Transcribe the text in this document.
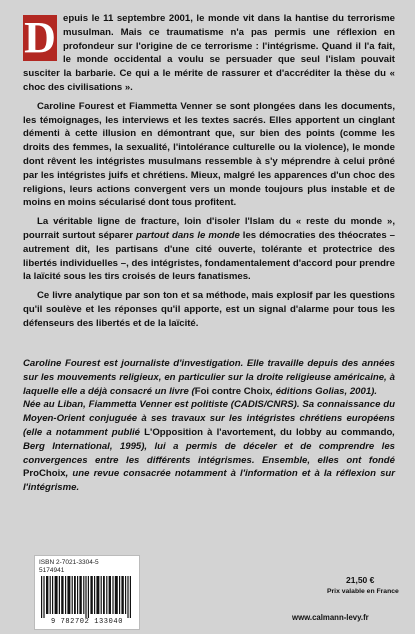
D epuis le 11 septembre 2001, le monde vit dans la hantise du terrorisme musulman. Mais ce traumatisme n'a pas permis une réflexion en profondeur sur l'origine de ce terrorisme : l'intégrisme. Quand il l'a fait, le monde occidental a voulu se persuader que seul l'islam pouvait susciter la barbarie. Ce qui a le mérite de rassurer et d'accréditer la thèse du « choc des civilisations ».

Caroline Fourest et Fiammetta Venner se sont plongées dans les documents, les témoignages, les interviews et les textes sacrés. Elles apportent un cinglant démenti à cette illusion en démontrant que, sur bien des points (comme les droits des femmes, la sexualité, l'intolérance culturelle ou la violence), le monde dont rêvent les intégristes musulmans ressemble à s'y méprendre à celui prôné par les intégristes juifs et chrétiens. Mieux, malgré les apparences d'un choc des religions, leurs actions convergent vers un monde toujours plus instable et de moins en moins sécularisé dont tous profitent.

La véritable ligne de fracture, loin d'isoler l'Islam du « reste du monde », pourrait surtout séparer partout dans le monde les démocraties des théocrates – autrement dit, les partisans d'une cité ouverte, tolérante et protectrice des libertés individuelles –, des intégristes, fondamentalement d'accord pour prendre la laïcité sous les tirs croisés de leurs fanatismes.

Ce livre analytique par son ton et sa méthode, mais explosif par les questions qu'il soulève et les réponses qu'il apporte, est un signal d'alarme pour tous les défenseurs des libertés et de la laïcité.

Caroline Fourest est journaliste d'investigation. Elle travaille depuis des années sur les mouvements religieux, en particulier sur la droite religieuse américaine, à laquelle elle a déjà consacré un livre (Foi contre Choix, éditions Golias, 2001).

Née au Liban, Fiammetta Venner est politiste (CADIS/CNRS). Sa connaissance du Moyen-Orient conjuguée à ses travaux sur les intégristes chrétiens européens (elle a notamment publié L'Opposition à l'avortement, du lobby au commando, Berg International, 1995), lui a permis de déceler et de comprendre les convergences entre les différents intégrismes. Ensemble, elles ont fondé ProChoix, une revue consacrée notamment à l'information et à la réflexion sur l'intégrisme.

ISBN 2-7021-3304-5
5174941
9 782702 133040
21,50 €
Prix valable en France
www.calmann-levy.fr
